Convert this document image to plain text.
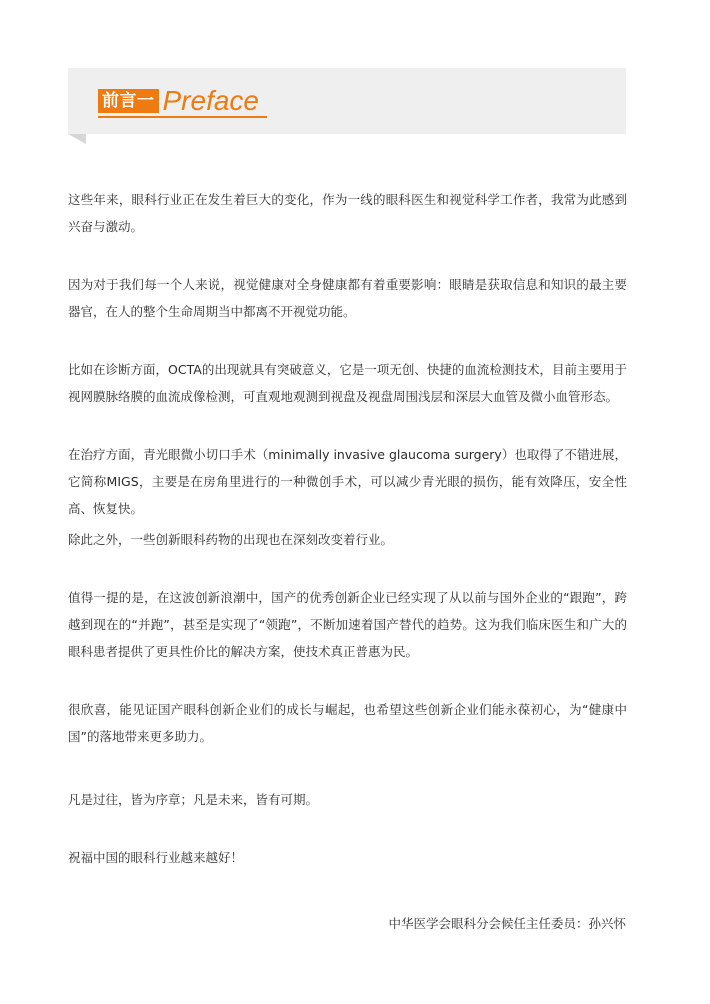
前言一 Preface

这些年来，眼科行业正在发生着巨大的变化，作为一线的眼科医生和视觉科学工作者，我常为此感到兴奋与激动。

因为对于我们每一个人来说，视觉健康对全身健康都有着重要影响：眼睛是获取信息和知识的最主要器官，在人的整个生命周期当中都离不开视觉功能。

比如在诊断方面，OCTA的出现就具有突破意义，它是一项无创、快捷的血流检测技术，目前主要用于视网膜脉络膜的血流成像检测，可直观地观测到视盘及视盘周围浅层和深层大血管及微小血管形态。

在治疗方面，青光眼微小切口手术（minimally invasive glaucoma surgery）也取得了不错进展，它简称MIGS，主要是在房角里进行的一种微创手术，可以减少青光眼的损伤，能有效降压，安全性高、恢复快。

除此之外，一些创新眼科药物的出现也在深刻改变着行业。

值得一提的是，在这波创新浪潮中，国产的优秀创新企业已经实现了从以前与国外企业的“跟跑”，跨越到现在的“并跑”，甚至是实现了“领跑”，不断加速着国产替代的趋势。这为我们临床医生和广大的眼科患者提供了更具性价比的解决方案，使技术真正普惠为民。

很欣喜，能见证国产眼科创新企业们的成长与崛起，也希望这些创新企业们能永葆初心，为“健康中国”的落地带来更多助力。

凡是过往，皆为序章；凡是未来，皆有可期。

祝福中国的眼科行业越来越好！

中华医学会眼科分会候任主任委员：孙兴怀
